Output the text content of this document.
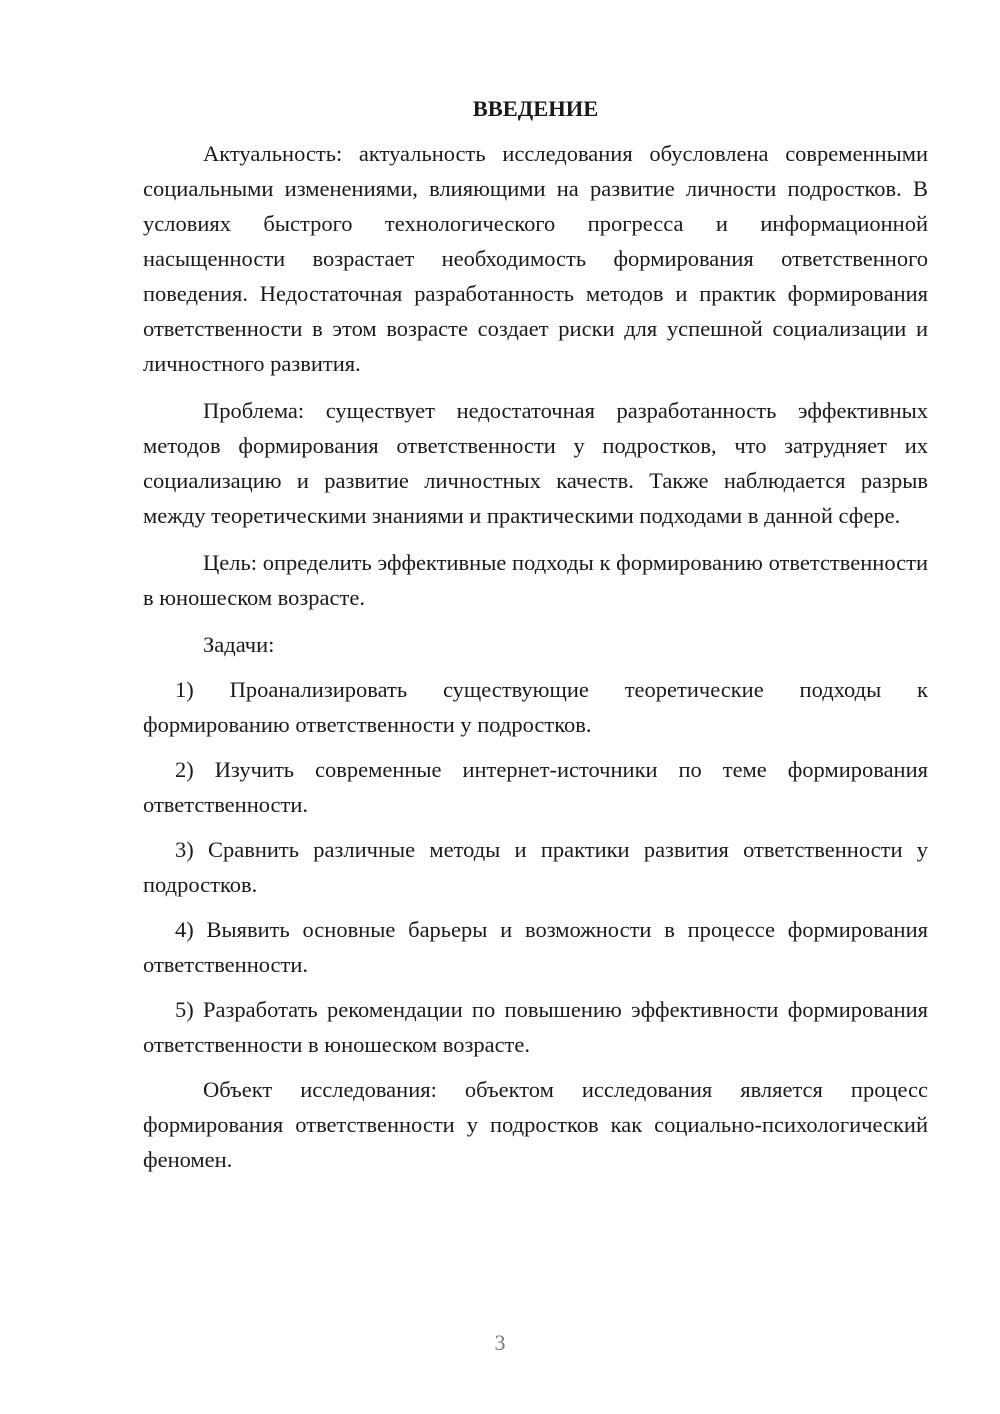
ВВЕДЕНИЕ

Актуальность: актуальность исследования обусловлена современными социальными изменениями, влияющими на развитие личности подростков. В условиях быстрого технологического прогресса и информационной насыщенности возрастает необходимость формирования ответственного поведения. Недостаточная разработанность методов и практик формирования ответственности в этом возрасте создает риски для успешной социализации и личностного развития.

Проблема: существует недостаточная разработанность эффективных методов формирования ответственности у подростков, что затрудняет их социализацию и развитие личностных качеств. Также наблюдается разрыв между теоретическими знаниями и практическими подходами в данной сфере.

Цель: определить эффективные подходы к формированию ответственности в юношеском возрасте.

Задачи:

1) Проанализировать существующие теоретические подходы к формированию ответственности у подростков.

2) Изучить современные интернет-источники по теме формирования ответственности.

3) Сравнить различные методы и практики развития ответственности у подростков.

4) Выявить основные барьеры и возможности в процессе формирования ответственности.

5) Разработать рекомендации по повышению эффективности формирования ответственности в юношеском возрасте.

Объект исследования: объектом исследования является процесс формирования ответственности у подростков как социально-психологический феномен.

3
